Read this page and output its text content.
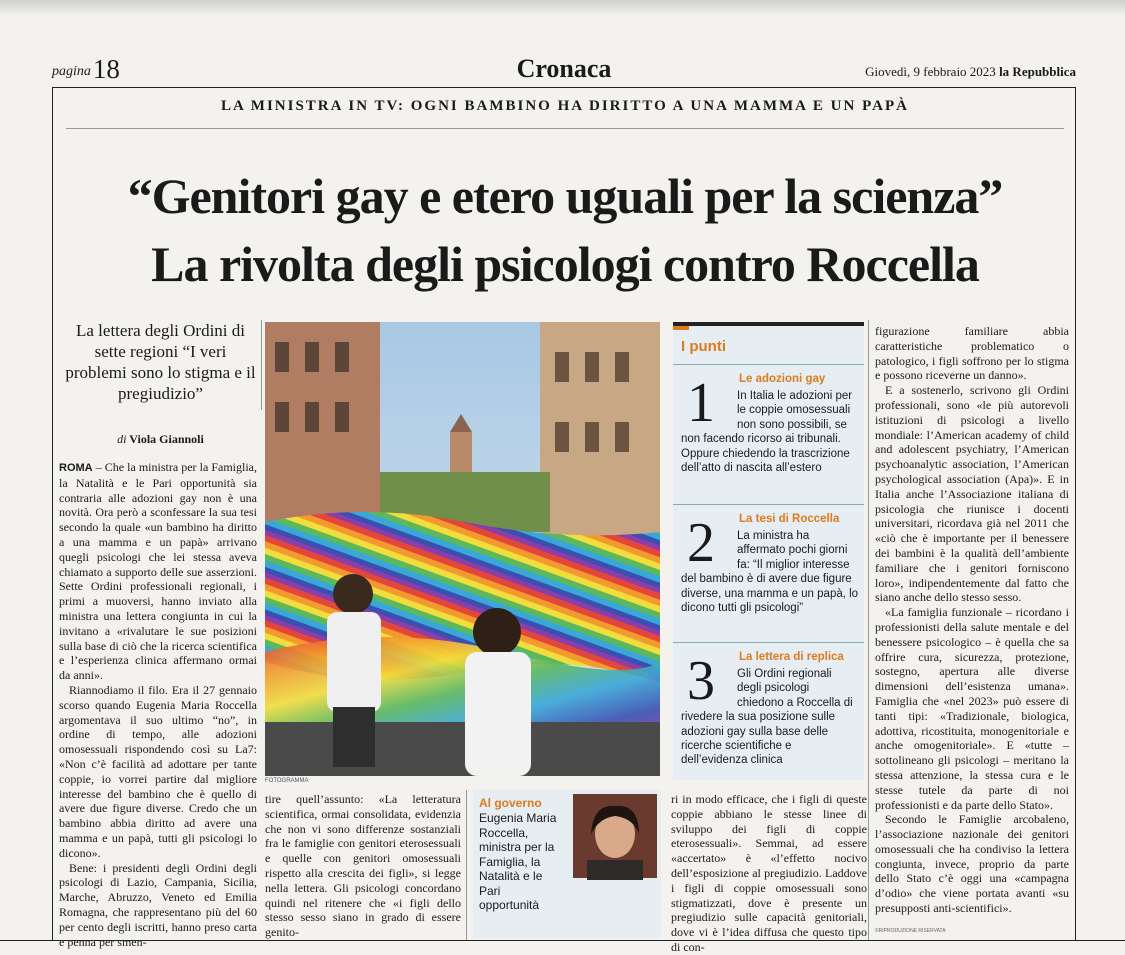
pagina18	Cronaca	Giovedì, 9 febbraio 2023 la Repubblica
LA MINISTRA IN TV: OGNI BAMBINO HA DIRITTO A UNA MAMMA E UN PAPÀ
“Genitori gay e etero uguali per la scienza”
La rivolta degli psicologi contro Roccella
La lettera degli Ordini di sette regioni “I veri problemi sono lo stigma e il pregiudizio”
di Viola Giannoli

ROMA – Che la ministra per la Famiglia, la Natalità e le Pari opportunità sia contraria alle adozioni gay non è una novità. Ora però a sconfessare la sua tesi secondo la quale «un bambino ha diritto a una mamma e un papà» arrivano quegli psicologi che lei stessa aveva chiamato a supporto delle sue asserzioni. Sette Ordini professionali regionali, i primi a muoversi, hanno inviato alla ministra una lettera congiunta in cui la invitano a «rivalutare le sue posizioni sulla base di ciò che la ricerca scientifica e l’esperienza clinica affermano ormai da anni».

Riannodiamo il filo. Era il 27 gennaio scorso quando Eugenia Maria Roccella argomentava il suo ultimo “no”, in ordine di tempo, alle adozioni omosessuali rispondendo così su La7: «Non c’è facilità ad adottare per tante coppie, io vorrei partire dal migliore interesse del bambino che è quello di avere due figure diverse. Credo che un bambino abbia diritto ad avere una mamma e un papà, tutti gli psicologi lo dicono».

Bene: i presidenti degli Ordini degli psicologi di Lazio, Campania, Sicilia, Marche, Abruzzo, Veneto ed Emilia Romagna, che rappresentano più del 60 per cento degli iscritti, hanno preso carta e penna per smen-

FOTOGRAMMA

tire quell’assunto: «La letteratura scientifica, ormai consolidata, evidenzia che non vi sono differenze sostanziali fra le famiglie con genitori eterosessuali e quelle con genitori omosessuali rispetto alla crescita dei figli», si legge nella lettera. Gli psicologi concordano quindi nel ritenere che «i figli dello stesso sesso siano in grado di essere genito-

Al governo
Eugenia Maria Roccella, ministra per la Famiglia, la Natalità e le Pari opportunità
I punti
1 Le adozioni gay
In Italia le adozioni per le coppie omosessuali non sono possibili, se non facendo ricorso ai tribunali. Oppure chiedendo la trascrizione dell’atto di nascita all’estero
2 La tesi di Roccella
La ministra ha affermato pochi giorni fa: “Il miglior interesse del bambino è di avere due figure diverse, una mamma e un papà, lo dicono tutti gli psicologi”
3 La lettera di replica
Gli Ordini regionali degli psicologi chiedono a Roccella di rivedere la sua posizione sulle adozioni gay sulla base delle ricerche scientifiche e dell’evidenza clinica

ri in modo efficace, che i figli di queste coppie abbiano le stesse linee di sviluppo dei figli di coppie eterosessuali». Semmai, ad essere «accertato» è «l’effetto nocivo dell’esposizione al pregiudizio. Laddove i figli di coppie omosessuali sono stigmatizzati, dove è presente un pregiudizio sulle capacità genitoriali, dove vi è l’idea diffusa che questo tipo di con-

figurazione familiare abbia caratteristiche problematico o patologico, i figli soffrono per lo stigma e possono riceverne un danno».

E a sostenerlo, scrivono gli Ordini professionali, sono «le più autorevoli istituzioni di psicologi a livello mondiale: l’American academy of child and adolescent psychiatry, l’American psychoanalytic association, l’American psychological association (Apa)». E in Italia anche l’Associazione italiana di psicologia che riunisce i docenti universitari, ricordava già nel 2011 che «ciò che è importante per il benessere dei bambini è la qualità dell’ambiente familiare che i genitori forniscono loro», indipendentemente dal fatto che siano anche dello stesso sesso.

«La famiglia funzionale – ricordano i professionisti della salute mentale e del benessere psicologico – è quella che sa offrire cura, sicurezza, protezione, sostegno, apertura alle diverse dimensioni dell’esistenza umana». Famiglia che «nel 2023» può essere di tanti tipi: «Tradizionale, biologica, adottiva, ricostituita, monogenitoriale e anche omogenitoriale». E «tutte – sottolineano gli psicologi – meritano la stessa attenzione, la stessa cura e le stesse tutele da parte di noi professionisti e da parte dello Stato».

Secondo le Famiglie arcobaleno, l’associazione nazionale dei genitori omosessuali che ha condiviso la lettera congiunta, invece, proprio da parte dello Stato c’è oggi una «campagna d’odio» che viene portata avanti «su presupposti anti-scientifici».

©RIPRODUZIONE RISERVATA
